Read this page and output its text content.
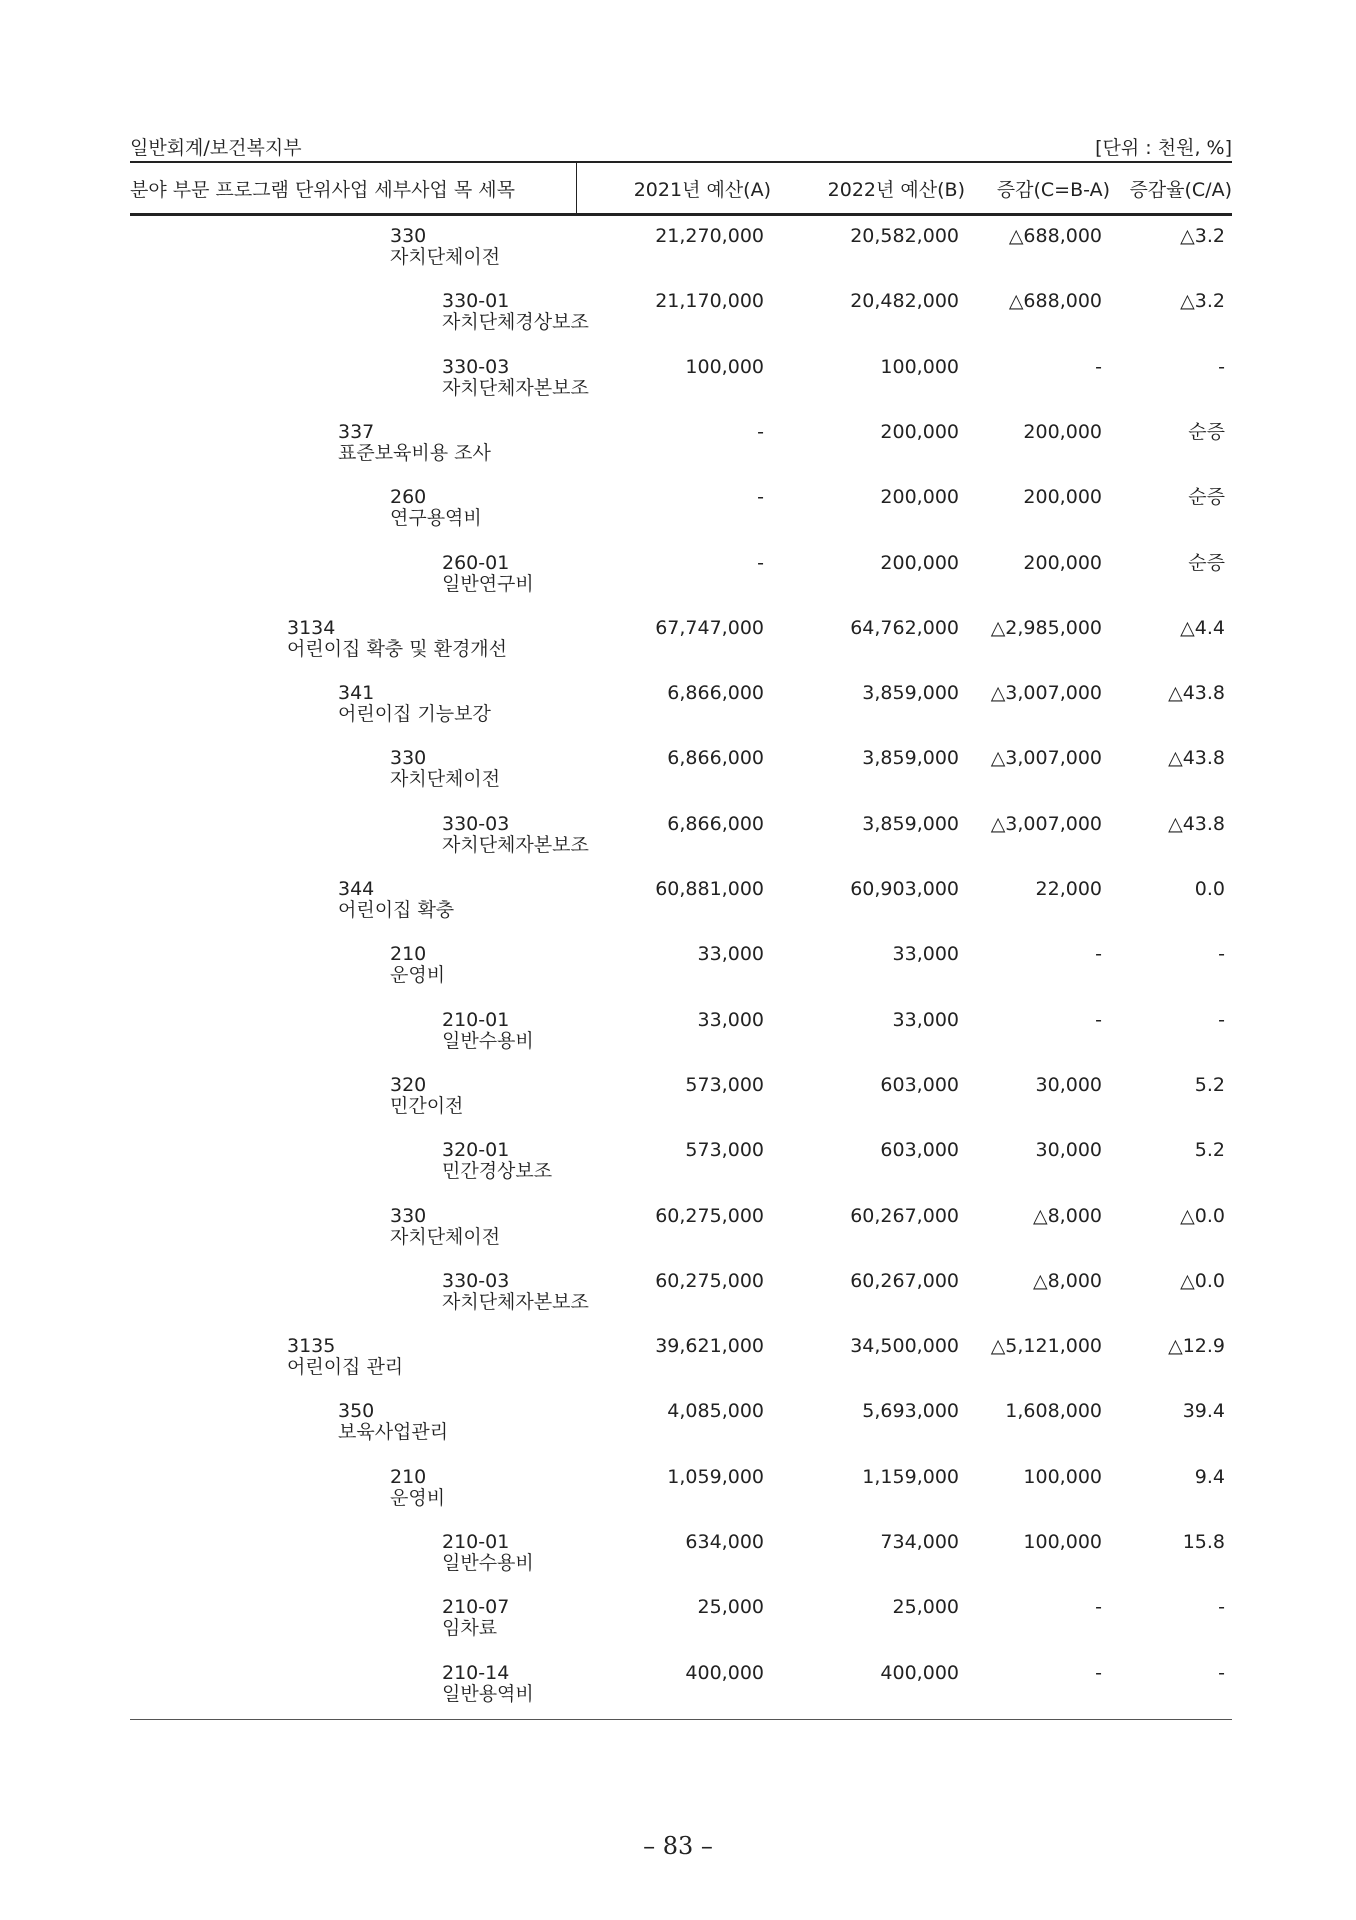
일반회계/보건복지부	[단위 : 천원, %]
분야 부문 프로그램 단위사업 세부사업 목 세목	2021년 예산(A)	2022년 예산(B)	증감(C=B-A)	증감율(C/A)
330
자치단체이전
21,270,000	20,582,000	△688,000	△3.2
330-01
자치단체경상보조
21,170,000	20,482,000	△688,000	△3.2
330-03
자치단체자본보조
100,000	100,000	-	-
337
표준보육비용 조사
-	200,000	200,000	순증
260
연구용역비
-	200,000	200,000	순증
260-01
일반연구비
-	200,000	200,000	순증
3134
어린이집 확충 및 환경개선
67,747,000	64,762,000	△2,985,000	△4.4
341
어린이집 기능보강
6,866,000	3,859,000	△3,007,000	△43.8
330
자치단체이전
6,866,000	3,859,000	△3,007,000	△43.8
330-03
자치단체자본보조
6,866,000	3,859,000	△3,007,000	△43.8
344
어린이집 확충
60,881,000	60,903,000	22,000	0.0
210
운영비
33,000	33,000	-	-
210-01
일반수용비
33,000	33,000	-	-
320
민간이전
573,000	603,000	30,000	5.2
320-01
민간경상보조
573,000	603,000	30,000	5.2
330
자치단체이전
60,275,000	60,267,000	△8,000	△0.0
330-03
자치단체자본보조
60,275,000	60,267,000	△8,000	△0.0
3135
어린이집 관리
39,621,000	34,500,000	△5,121,000	△12.9
350
보육사업관리
4,085,000	5,693,000	1,608,000	39.4
210
운영비
1,059,000	1,159,000	100,000	9.4
210-01
일반수용비
634,000	734,000	100,000	15.8
210-07
임차료
25,000	25,000	-	-
210-14
일반용역비
400,000	400,000	-	-
– 83 –
